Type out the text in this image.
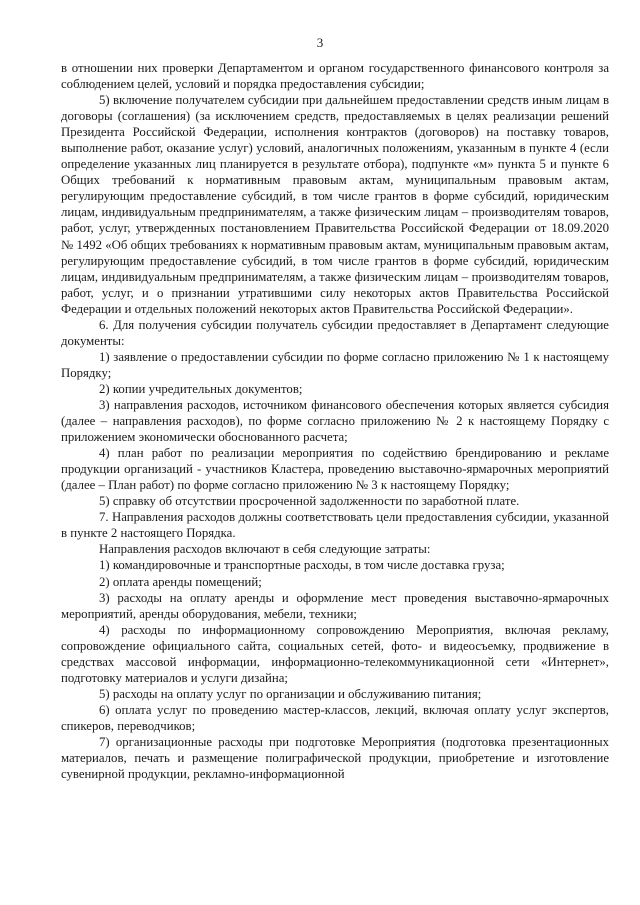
3

в отношении них проверки Департаментом и органом государственного финансового контроля за соблюдением целей, условий и порядка предоставления субсидии;

5) включение получателем субсидии при дальнейшем предоставлении средств иным лицам в договоры (соглашения) (за исключением средств, предоставляемых в целях реализации решений Президента Российской Федерации, исполнения контрактов (договоров) на поставку товаров, выполнение работ, оказание услуг) условий, аналогичных положениям, указанным в пункте 4 (если определение указанных лиц планируется в результате отбора), подпункте «м» пункта 5 и пункте 6 Общих требований к нормативным правовым актам, муниципальным правовым актам, регулирующим предоставление субсидий, в том числе грантов в форме субсидий, юридическим лицам, индивидуальным предпринимателям, а также физическим лицам – производителям товаров, работ, услуг, утвержденных постановлением Правительства Российской Федерации от 18.09.2020 № 1492 «Об общих требованиях к нормативным правовым актам, муниципальным правовым актам, регулирующим предоставление субсидий, в том числе грантов в форме субсидий, юридическим лицам, индивидуальным предпринимателям, а также физическим лицам – производителям товаров, работ, услуг, и о признании утратившими силу некоторых актов Правительства Российской Федерации и отдельных положений некоторых актов Правительства Российской Федерации».

6. Для получения субсидии получатель субсидии предоставляет в Департамент следующие документы:

1) заявление о предоставлении субсидии по форме согласно приложению № 1 к настоящему Порядку;

2) копии учредительных документов;

3) направления расходов, источником финансового обеспечения которых является субсидия (далее – направления расходов), по форме согласно приложению № 2 к настоящему Порядку с приложением экономически обоснованного расчета;

4) план работ по реализации мероприятия по содействию брендированию и рекламе продукции организаций - участников Кластера, проведению выставочно-ярмарочных мероприятий (далее – План работ) по форме согласно приложению № 3 к настоящему Порядку;

5) справку об отсутствии просроченной задолженности по заработной плате.

7. Направления расходов должны соответствовать цели предоставления субсидии, указанной в пункте 2 настоящего Порядка.

Направления расходов включают в себя следующие затраты:

1) командировочные и транспортные расходы, в том числе доставка груза;

2) оплата аренды помещений;

3) расходы на оплату аренды и оформление мест проведения выставочно-ярмарочных мероприятий, аренды оборудования, мебели, техники;

4) расходы по информационному сопровождению Мероприятия, включая рекламу, сопровождение официального сайта, социальных сетей, фото- и видеосъемку, продвижение в средствах массовой информации, информационно-телекоммуникационной сети «Интернет», подготовку материалов и услуги дизайна;

5) расходы на оплату услуг по организации и обслуживанию питания;

6) оплата услуг по проведению мастер-классов, лекций, включая оплату услуг экспертов, спикеров, переводчиков;

7) организационные расходы при подготовке Мероприятия (подготовка презентационных материалов, печать и размещение полиграфической продукции, приобретение и изготовление сувенирной продукции, рекламно-информационной
